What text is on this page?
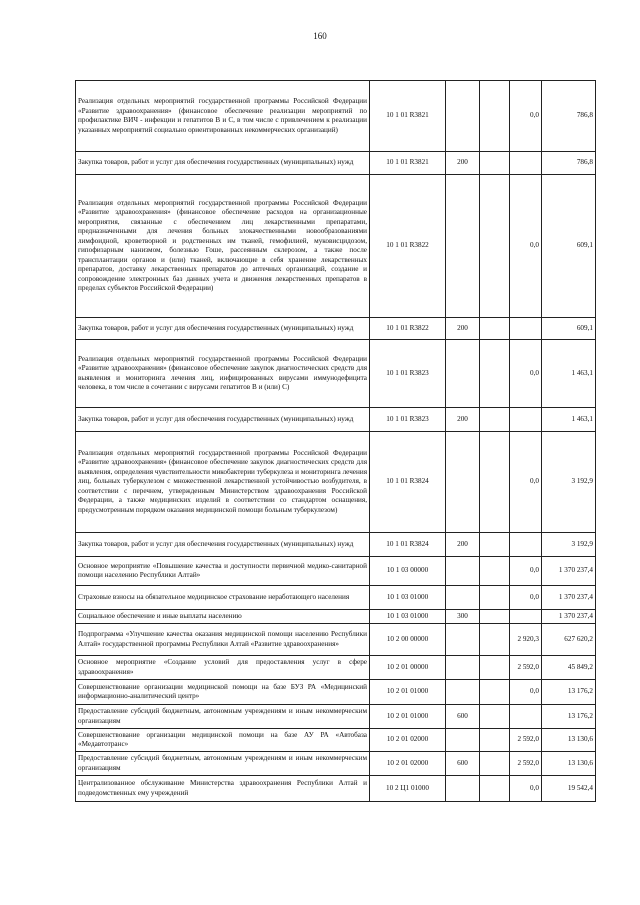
160
Реализация отдельных мероприятий государственной программы Российской Федерации «Развитие здравоохранения» (финансовое обеспечение реализации мероприятий по профилактике ВИЧ - инфекции и гепатитов В и С, в том числе с привлечением к реализации указанных мероприятий социально ориентированных некоммерческих организаций)	10 1 01 R3821			0,0	786,8
Закупка товаров, работ и услуг для обеспечения государственных (муниципальных) нужд	10 1 01 R3821	200			786,8
Реализация отдельных мероприятий государственной программы Российской Федерации «Развитие здравоохранения» (финансовое обеспечение расходов на организационные мероприятия, связанные с обеспечением лиц лекарственными препаратами, предназначенными для лечения больных злокачественными новообразованиями лимфоидной, кроветворной и родственных им тканей, гемофилией, муковисцидозом, гипофизарным нанизмом, болезнью Гоше, рассеянным склерозом, а также после трансплантации органов и (или) тканей, включающие в себя хранение лекарственных препаратов, доставку лекарственных препаратов до аптечных организаций, создание и сопровождение электронных баз данных учета и движения лекарственных препаратов в пределах субъектов Российской Федерации)	10 1 01 R3822			0,0	609,1
Закупка товаров, работ и услуг для обеспечения государственных (муниципальных) нужд	10 1 01 R3822	200			609,1
Реализация отдельных мероприятий государственной программы Российской Федерации «Развитие здравоохранения» (финансовое обеспечение закупок диагностических средств для выявления и мониторинга лечения лиц, инфицированных вирусами иммунодефицита человека, в том числе в сочетании с вирусами гепатитов В и (или) С)	10 1 01 R3823			0,0	1 463,1
Закупка товаров, работ и услуг для обеспечения государственных (муниципальных) нужд	10 1 01 R3823	200			1 463,1
Реализация отдельных мероприятий государственной программы Российской Федерации «Развитие здравоохранения» (финансовое обеспечение закупок диагностических средств для выявления, определения чувствительности микобактерии туберкулеза и мониторинга лечения лиц, больных туберкулезом с множественной лекарственной устойчивостью возбудителя, в соответствии с перечнем, утвержденным Министерством здравоохранения Российской Федерации, а также медицинских изделий в соответствии со стандартом оснащения, предусмотренным порядком оказания медицинской помощи больным туберкулезом)	10 1 01 R3824			0,0	3 192,9
Закупка товаров, работ и услуг для обеспечения государственных (муниципальных) нужд	10 1 01 R3824	200			3 192,9
Основное мероприятие «Повышение качества и доступности первичной медико-санитарной помощи населению Республики Алтай»	10 1 03 00000			0,0	1 370 237,4
Страховые взносы на обязательное медицинское страхование неработающего населения	10 1 03 01000			0,0	1 370 237,4
Социальное обеспечение и иные выплаты населению	10 1 03 01000	300			1 370 237,4
Подпрограмма «Улучшение качества оказания медицинской помощи населению Республики Алтай» государственной программы Республики Алтай «Развитие здравоохранения»	10 2 00 00000			2 920,3	627 620,2
Основное мероприятие «Создание условий для предоставления услуг в сфере здравоохранения»	10 2 01 00000			2 592,0	45 849,2
Совершенствование организации медицинской помощи на базе БУЗ РА «Медицинский информационно-аналитический центр»	10 2 01 01000			0,0	13 176,2
Предоставление субсидий бюджетным, автономным учреждениям и иным некоммерческим организациям	10 2 01 01000	600			13 176,2
Совершенствование организации медицинской помощи на базе АУ РА «Автобаза «Медавтотранс»	10 2 01 02000			2 592,0	13 130,6
Предоставление субсидий бюджетным, автономным учреждениям и иным некоммерческим организациям	10 2 01 02000	600		2 592,0	13 130,6
Централизованное обслуживание Министерства здравоохранения Республики Алтай и подведомственных ему учреждений	10 2 Ц1 01000			0,0	19 542,4
